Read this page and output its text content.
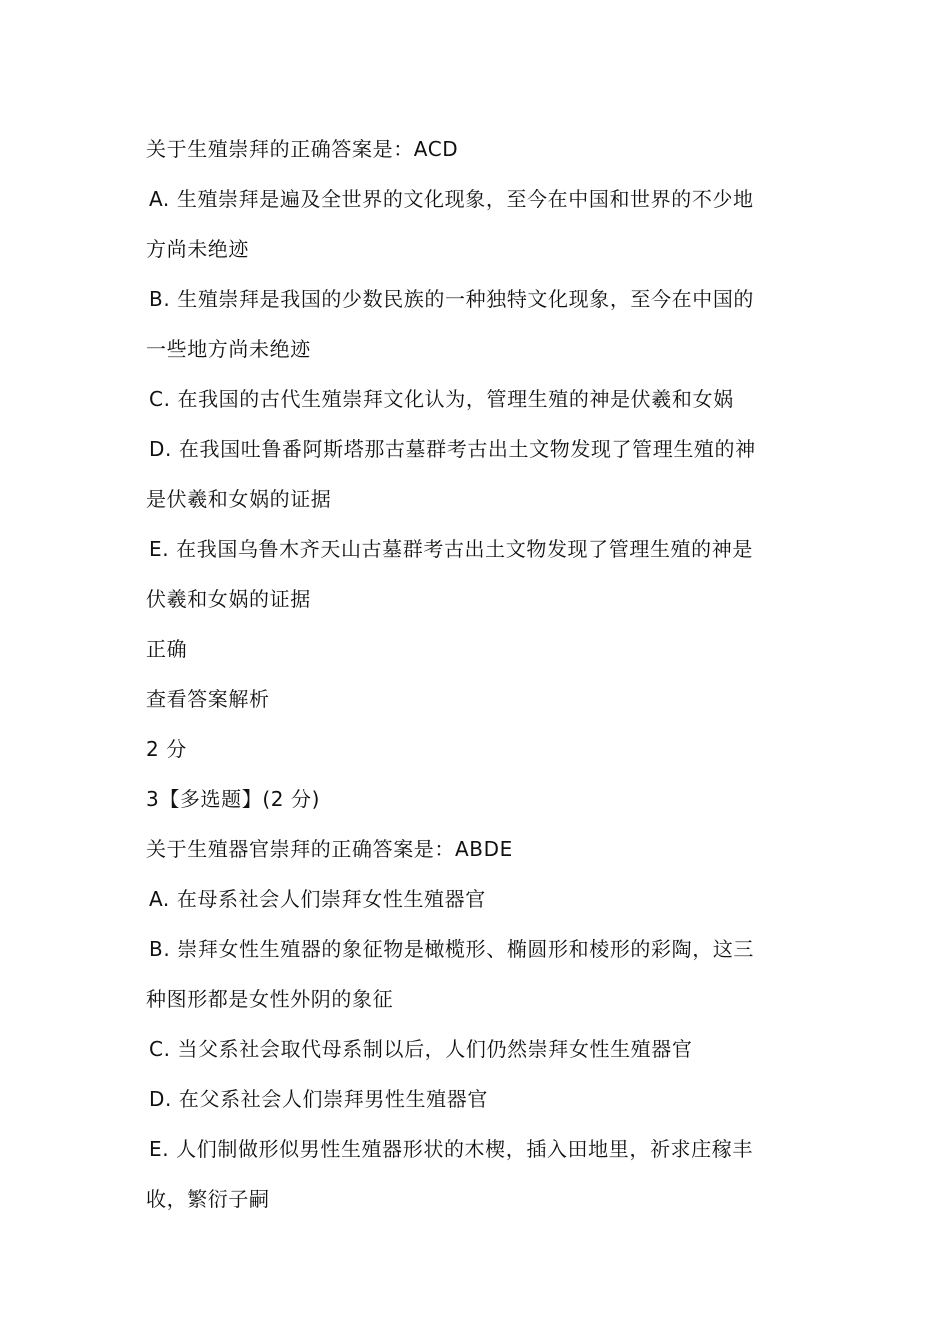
关于生殖崇拜的正确答案是：ACD
A. 生殖崇拜是遍及全世界的文化现象，至今在中国和世界的不少地
方尚未绝迹
B. 生殖崇拜是我国的少数民族的一种独特文化现象，至今在中国的
一些地方尚未绝迹
C. 在我国的古代生殖崇拜文化认为，管理生殖的神是伏羲和女娲
D. 在我国吐鲁番阿斯塔那古墓群考古出土文物发现了管理生殖的神
是伏羲和女娲的证据
E. 在我国乌鲁木齐天山古墓群考古出土文物发现了管理生殖的神是
伏羲和女娲的证据
正确
查看答案解析
2 分
3【多选题】(2 分)
关于生殖器官崇拜的正确答案是：ABDE
A. 在母系社会人们崇拜女性生殖器官
B. 崇拜女性生殖器的象征物是橄榄形、椭圆形和棱形的彩陶，这三
种图形都是女性外阴的象征
C. 当父系社会取代母系制以后，人们仍然崇拜女性生殖器官
D. 在父系社会人们崇拜男性生殖器官
E. 人们制做形似男性生殖器形状的木楔，插入田地里，祈求庄稼丰
收，繁衍子嗣
